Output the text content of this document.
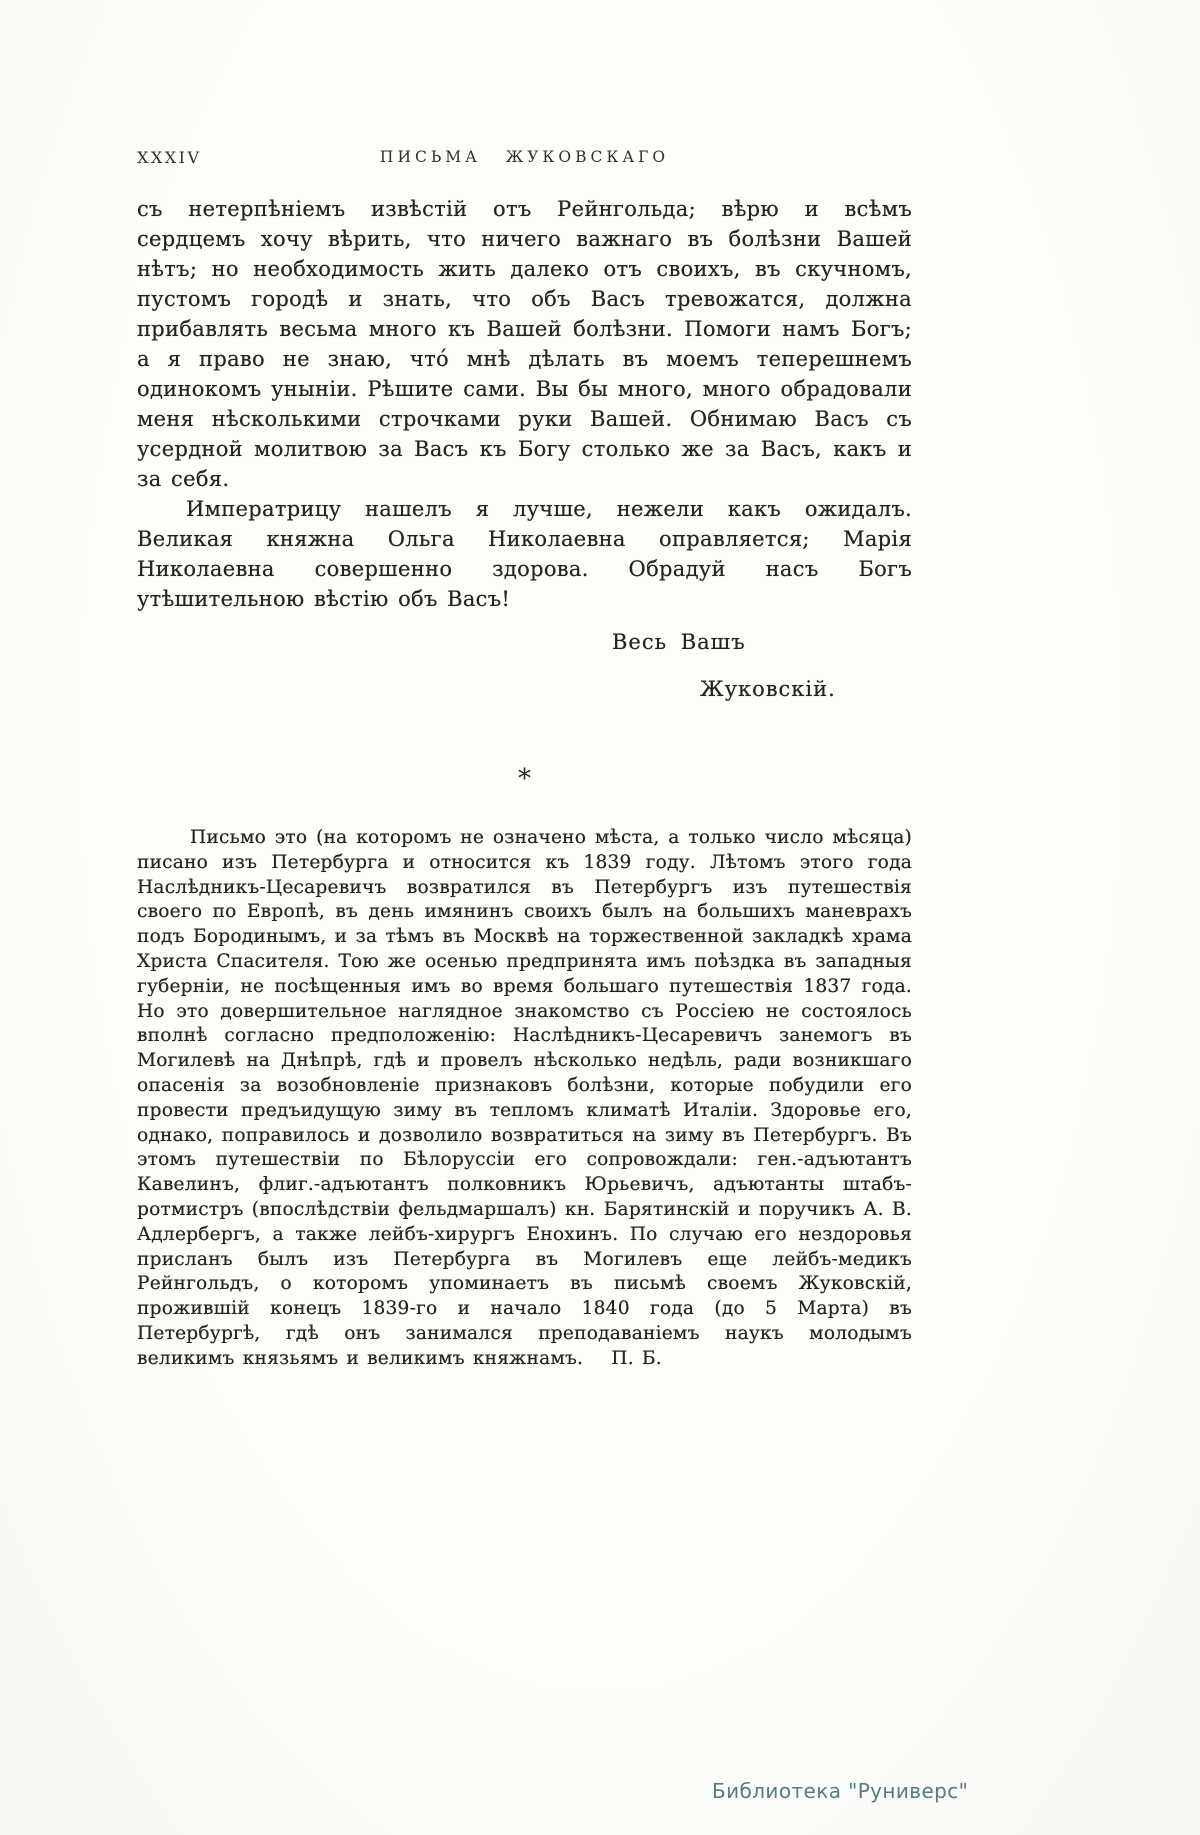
XXXIV	ПИСЬМА ЖУКОВСКАГО

съ нетерпѣніемъ извѣстій отъ Рейнгольда; вѣрю и всѣмъ сердцемъ хочу вѣрить, что ничего важнаго въ болѣзни Вашей нѣтъ; но необходимость жить далеко отъ своихъ, въ скучномъ, пустомъ городѣ и знать, что объ Васъ тревожатся, должна прибавлять весьма много къ Вашей болѣзни. Помоги намъ Богъ; а я право не знаю, что́ мнѣ дѣлать въ моемъ теперешнемъ одинокомъ уныніи. Рѣшите сами. Вы бы много, много обрадовали меня нѣсколькими строчками руки Вашей. Обнимаю Васъ съ усердной молитвою за Васъ къ Богу столько же за Васъ, какъ и за себя.

Императрицу нашелъ я лучше, нежели какъ ожидалъ. Великая княжна Ольга Николаевна оправляется; Марія Николаевна совершенно здорова. Обрадуй насъ Богъ утѣшительною вѣстію объ Васъ!

Весь Вашъ

Жуковскій.

*

Письмо это (на которомъ не означено мѣста, а только число мѣсяца) писано изъ Петербурга и относится къ 1839 году. Лѣтомъ этого года Наслѣдникъ-Цесаревичъ возвратился въ Петербургъ изъ путешествія своего по Европѣ, въ день имянинъ своихъ былъ на большихъ маневрахъ подъ Бородинымъ, и за тѣмъ въ Москвѣ на торжественной закладкѣ храма Христа Спасителя. Тою же осенью предпринята имъ поѣздка въ западныя губерніи, не посѣщенныя имъ во время большаго путешествія 1837 года. Но это довершительное наглядное знакомство съ Россіею не состоялось вполнѣ согласно предположенію: Наслѣдникъ-Цесаревичъ занемогъ въ Могилевѣ на Днѣпрѣ, гдѣ и провелъ нѣсколько недѣль, ради возникшаго опасенія за возобновленіе признаковъ болѣзни, которые побудили его провести предъидущую зиму въ тепломъ климатѣ Италіи. Здоровье его, однако, поправилось и дозволило возвратиться на зиму въ Петербургъ. Въ этомъ путешествіи по Бѣлоруссіи его сопровождали: ген.-адъютантъ Кавелинъ, флиг.-адъютантъ полковникъ Юрьевичъ, адъютанты штабъ-ротмистръ (впослѣдствіи фельдмаршалъ) кн. Барятинскій и поручикъ А. В. Адлербергъ, а также лейбъ-хирургъ Енохинъ. По случаю его нездоровья присланъ былъ изъ Петербурга въ Могилевъ еще лейбъ-медикъ Рейнгольдъ, о которомъ упоминаетъ въ письмѣ своемъ Жуковскій, прожившій конецъ 1839-го и начало 1840 года (до 5 Марта) въ Петербургѣ, гдѣ онъ занимался преподаваніемъ наукъ молодымъ великимъ князьямъ и великимъ княжнамъ. П. Б.

Библиотека "Руниверс"
